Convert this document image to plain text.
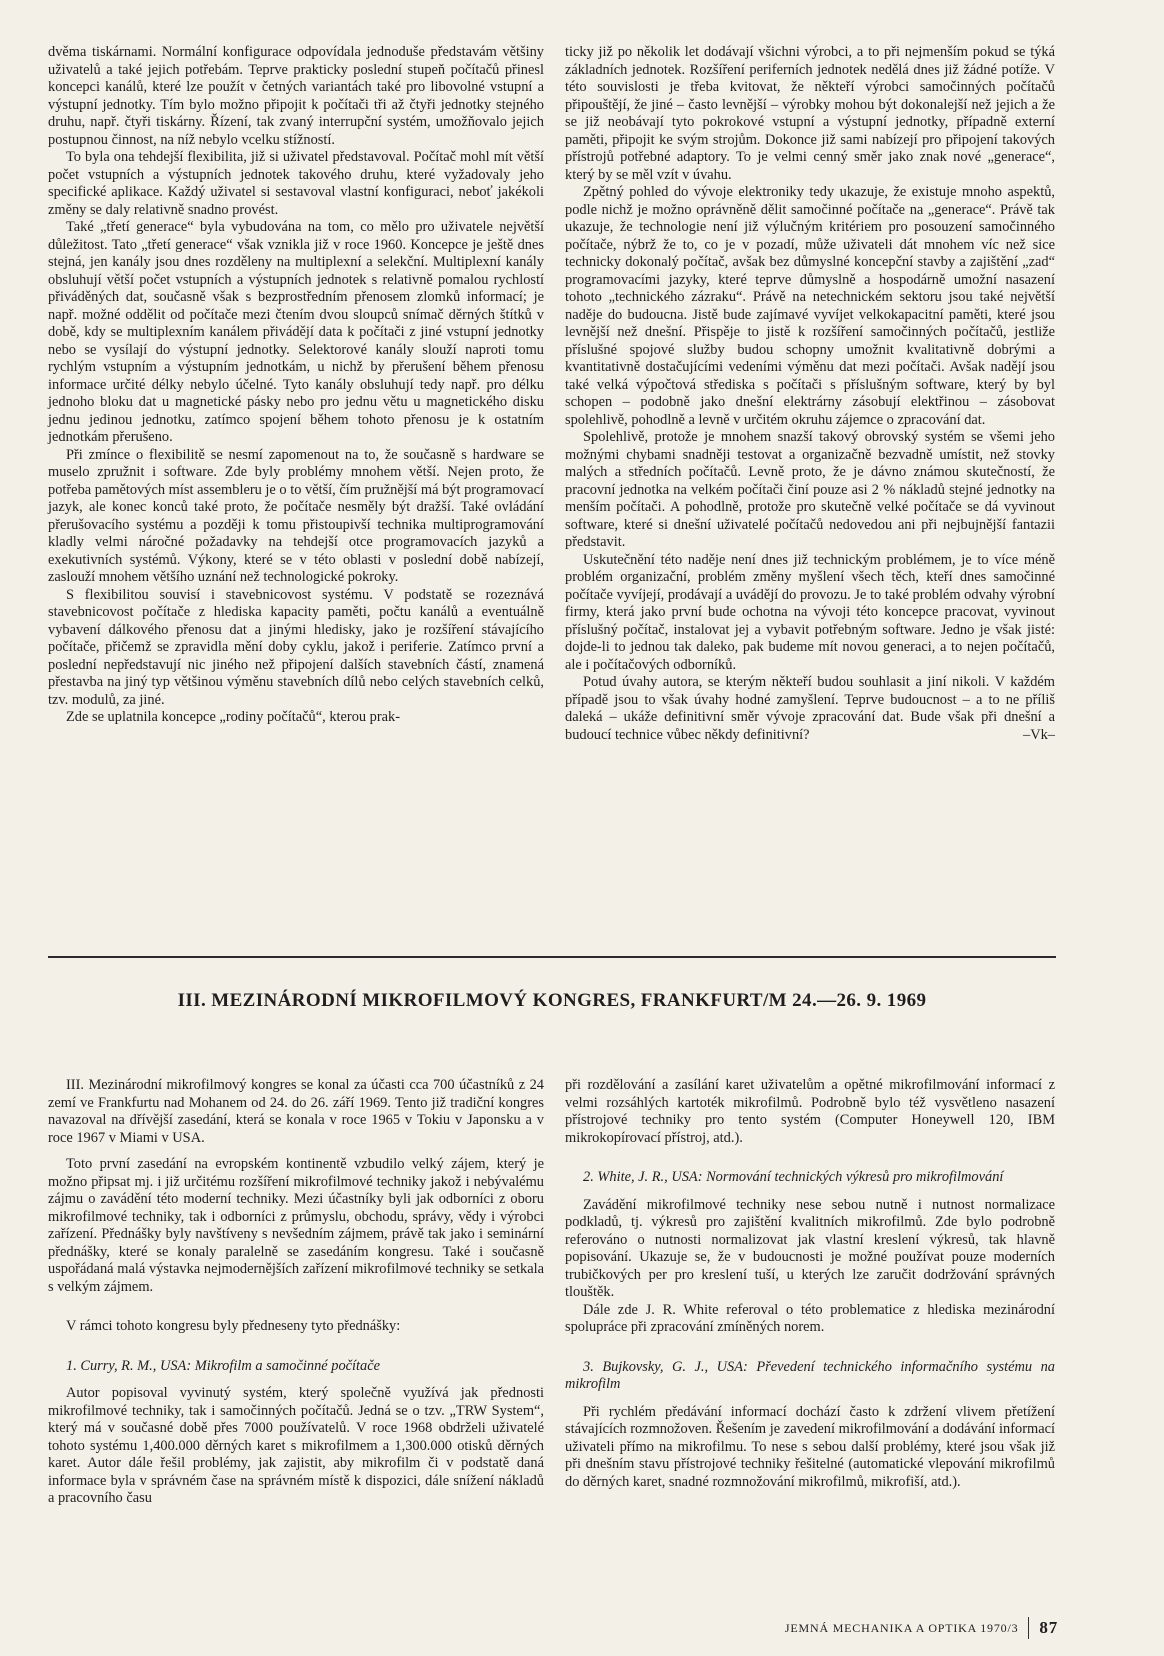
dvěma tiskárnami. Normální konfigurace odpovídala jednoduše představám většiny uživatelů a také jejich potřebám. Teprve prakticky poslední stupeň počítačů přinesl koncepci kanálů, které lze použít v četných variantách také pro libovolné vstupní a výstupní jednotky. Tím bylo možno připojit k počítači tři až čtyři jednotky stejného druhu, např. čtyři tiskárny. Řízení, tak zvaný interrupční systém, umožňovalo jejich postupnou činnost, na níž nebylo vcelku stížností.

To byla ona tehdejší flexibilita, již si uživatel představoval. Počítač mohl mít větší počet vstupních a výstupních jednotek takového druhu, které vyžadovaly jeho specifické aplikace. Každý uživatel si sestavoval vlastní konfiguraci, neboť jakékoli změny se daly relativně snadno provést.

Také „třetí generace“ byla vybudována na tom, co mělo pro uživatele největší důležitost. Tato „třetí generace“ však vznikla již v roce 1960. Koncepce je ještě dnes stejná, jen kanály jsou dnes rozděleny na multiplexní a selekční. Multiplexní kanály obsluhují větší počet vstupních a výstupních jednotek s relativně pomalou rychlostí přiváděných dat, současně však s bezprostředním přenosem zlomků informací; je např. možné oddělit od počítače mezi čtením dvou sloupců snímač děrných štítků v době, kdy se multiplexním kanálem přivádějí data k počítači z jiné vstupní jednotky nebo se vysílají do výstupní jednotky. Selektorové kanály slouží naproti tomu rychlým vstupním a výstupním jednotkám, u nichž by přerušení během přenosu informace určité délky nebylo účelné. Tyto kanály obsluhují tedy např. pro délku jednoho bloku dat u magnetické pásky nebo pro jednu větu u magnetického disku jednu jedinou jednotku, zatímco spojení během tohoto přenosu je k ostatním jednotkám přerušeno.

Při zmínce o flexibilitě se nesmí zapomenout na to, že současně s hardware se muselo zpružnit i software. Zde byly problémy mnohem větší. Nejen proto, že potřeba pamětových míst assembleru je o to větší, čím pružnější má být programovací jazyk, ale konec konců také proto, že počítače nesměly být dražší. Také ovládání přerušovacího systému a později k tomu přistoupivší technika multiprogramování kladly velmi náročné požadavky na tehdejší otce programovacích jazyků a exekutivních systémů. Výkony, které se v této oblasti v poslední době nabízejí, zaslouží mnohem většího uznání než technologické pokroky.

S flexibilitou souvisí i stavebnicovost systému. V podstatě se rozeznává stavebnicovost počítače z hlediska kapacity paměti, počtu kanálů a eventuálně vybavení dálkového přenosu dat a jinými hledisky, jako je rozšíření stávajícího počítače, přičemž se zpravidla mění doby cyklu, jakož i periferie. Zatímco první a poslední nepředstavují nic jiného než připojení dalších stavebních částí, znamená přestavba na jiný typ většinou výměnu stavebních dílů nebo celých stavebních celků, tzv. modulů, za jiné.

Zde se uplatnila koncepce „rodiny počítačů“, kterou prak-

ticky již po několik let dodávají všichni výrobci, a to při nejmenším pokud se týká základních jednotek. Rozšíření periferních jednotek nedělá dnes již žádné potíže. V této souvislosti je třeba kvitovat, že někteří výrobci samočinných počítačů připouštějí, že jiné – často levnější – výrobky mohou být dokonalejší než jejich a že se již neobávají tyto pokrokové vstupní a výstupní jednotky, případně externí paměti, připojit ke svým strojům. Dokonce již sami nabízejí pro připojení takových přístrojů potřebné adaptory. To je velmi cenný směr jako znak nové „generace“, který by se měl vzít v úvahu.

Zpětný pohled do vývoje elektroniky tedy ukazuje, že existuje mnoho aspektů, podle nichž je možno oprávněně dělit samočinné počítače na „generace“. Právě tak ukazuje, že technologie není již výlučným kritériem pro posouzení samočinného počítače, nýbrž že to, co je v pozadí, může uživateli dát mnohem víc než sice technicky dokonalý počítač, avšak bez důmyslné koncepční stavby a zajištění „zad“ programovacími jazyky, které teprve důmyslně a hospodárně umožní nasazení tohoto „technického zázraku“. Právě na netechnickém sektoru jsou také největší naděje do budoucna. Jistě bude zajímavé vyvíjet velkokapacitní paměti, které jsou levnější než dnešní. Přispěje to jistě k rozšíření samočinných počítačů, jestliže příslušné spojové služby budou schopny umožnit kvalitativně dobrými a kvantitativně dostačujícími vedeními výměnu dat mezi počítači. Avšak nadějí jsou také velká výpočtová střediska s počítači s příslušným software, který by byl schopen – podobně jako dnešní elektrárny zásobují elektřinou – zásobovat spolehlivě, pohodlně a levně v určitém okruhu zájemce o zpracování dat.

Spolehlivě, protože je mnohem snazší takový obrovský systém se všemi jeho možnými chybami snadněji testovat a organizačně bezvadně umístit, než stovky malých a středních počítačů. Levně proto, že je dávno známou skutečností, že pracovní jednotka na velkém počítači činí pouze asi 2 % nákladů stejné jednotky na menším počítači. A pohodlně, protože pro skutečně velké počítače se dá vyvinout software, které si dnešní uživatelé počítačů nedovedou ani při nejbujnější fantazii představit.

Uskutečnění této naděje není dnes již technickým problémem, je to více méně problém organizační, problém změny myšlení všech těch, kteří dnes samočinné počítače vyvíjejí, prodávají a uvádějí do provozu. Je to také problém odvahy výrobní firmy, která jako první bude ochotna na vývoji této koncepce pracovat, vyvinout příslušný počítač, instalovat jej a vybavit potřebným software. Jedno je však jisté: dojde-li to jednou tak daleko, pak budeme mít novou generaci, a to nejen počítačů, ale i počítačových odborníků.

Potud úvahy autora, se kterým někteří budou souhlasit a jiní nikoli. V každém případě jsou to však úvahy hodné zamyšlení. Teprve budoucnost – a to ne příliš daleká – ukáže definitivní směr vývoje zpracování dat. Bude však při dnešní a budoucí technice vůbec někdy definitivní?	–Vk–

III. MEZINÁRODNÍ MIKROFILMOVÝ KONGRES, FRANKFURT/M 24.—26. 9. 1969

III. Mezinárodní mikrofilmový kongres se konal za účasti cca 700 účastníků z 24 zemí ve Frankfurtu nad Mohanem od 24. do 26. září 1969. Tento již tradiční kongres navazoval na dřívější zasedání, která se konala v roce 1965 v Tokiu v Japonsku a v roce 1967 v Miami v USA.

Toto první zasedání na evropském kontinentě vzbudilo velký zájem, který je možno připsat mj. i již určitému rozšíření mikrofilmové techniky jakož i nebývalému zájmu o zavádění této moderní techniky. Mezi účastníky byli jak odborníci z oboru mikrofilmové techniky, tak i odborníci z průmyslu, obchodu, správy, vědy i výrobci zařízení. Přednášky byly navštíveny s nevšedním zájmem, právě tak jako i seminární přednášky, které se konaly paralelně se zasedáním kongresu. Také i současně uspořádaná malá výstavka nejmodernějších zařízení mikrofilmové techniky se setkala s velkým zájmem.

V rámci tohoto kongresu byly předneseny tyto přednášky:

1. Curry, R. M., USA: Mikrofilm a samočinné počítače

Autor popisoval vyvinutý systém, který společně využívá jak přednosti mikrofilmové techniky, tak i samočinných počítačů. Jedná se o tzv. „TRW System“, který má v současné době přes 7000 používatelů. V roce 1968 obdrželi uživatelé tohoto systému 1,400.000 děrných karet s mikrofilmem a 1,300.000 otisků děrných karet. Autor dále řešil problémy, jak zajistit, aby mikrofilm či v podstatě daná informace byla v správném čase na správném místě k dispozici, dále snížení nákladů a pracovního času

při rozdělování a zasílání karet uživatelům a opětné mikrofilmování informací z velmi rozsáhlých kartoték mikrofilmů. Podrobně bylo též vysvětleno nasazení přístrojové techniky pro tento systém (Computer Honeywell 120, IBM mikrokopírovací přístroj, atd.).

2. White, J. R., USA: Normování technických výkresů pro mikrofilmování

Zavádění mikrofilmové techniky nese sebou nutně i nutnost normalizace podkladů, tj. výkresů pro zajištění kvalitních mikrofilmů. Zde bylo podrobně referováno o nutnosti normalizovat jak vlastní kreslení výkresů, tak hlavně popisování. Ukazuje se, že v budoucnosti je možné používat pouze moderních trubičkových per pro kreslení tuší, u kterých lze zaručit dodržování správných tlouštěk.

Dále zde J. R. White referoval o této problematice z hlediska mezinárodní spolupráce při zpracování zmíněných norem.

3. Bujkovsky, G. J., USA: Převedení technického informačního systému na mikrofilm

Při rychlém předávání informací dochází často k zdržení vlivem přetížení stávajících rozmnožoven. Řešením je zavedení mikrofilmování a dodávání informací uživateli přímo na mikrofilmu. To nese s sebou další problémy, které jsou však již při dnešním stavu přístrojové techniky řešitelné (automatické vlepování mikrofilmů do děrných karet, snadné rozmnožování mikrofilmů, mikrofiší, atd.).

JEMNÁ MECHANIKA A OPTIKA 1970/3 87
